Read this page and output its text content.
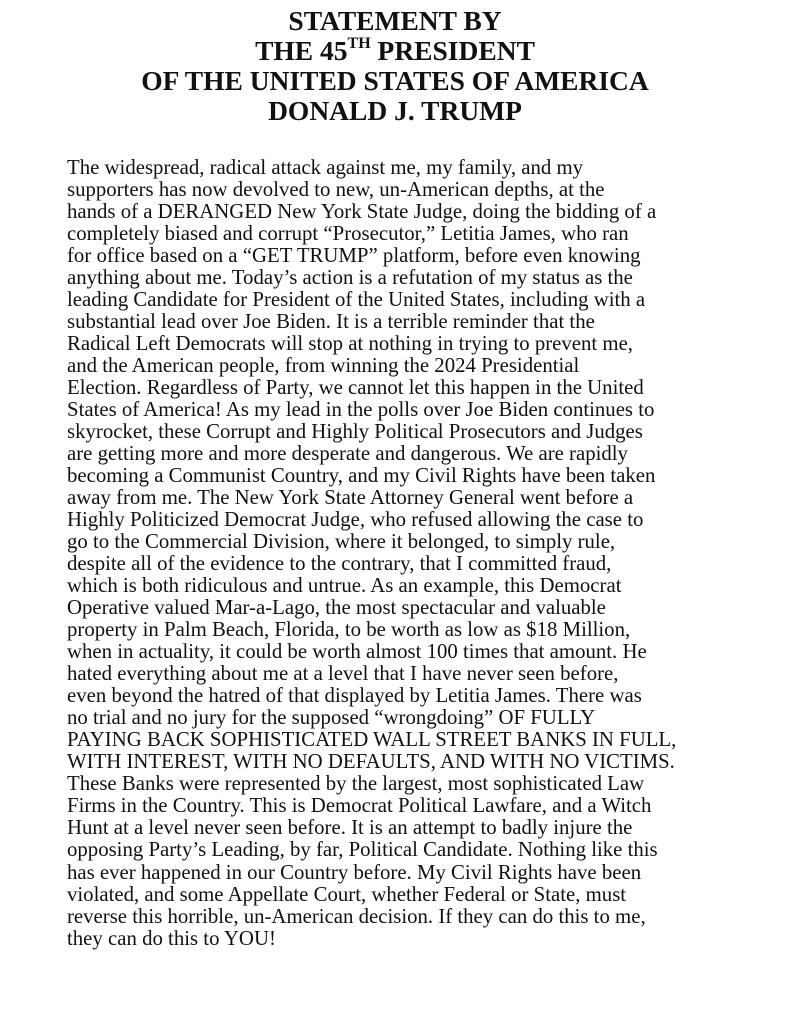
STATEMENT BY
THE 45TH PRESIDENT
OF THE UNITED STATES OF AMERICA
DONALD J. TRUMP
The widespread, radical attack against me, my family, and my
supporters has now devolved to new, un-American depths, at the
hands of a DERANGED New York State Judge, doing the bidding of a
completely biased and corrupt “Prosecutor,” Letitia James, who ran
for office based on a “GET TRUMP” platform, before even knowing
anything about me. Today’s action is a refutation of my status as the
leading Candidate for President of the United States, including with a
substantial lead over Joe Biden. It is a terrible reminder that the
Radical Left Democrats will stop at nothing in trying to prevent me,
and the American people, from winning the 2024 Presidential
Election. Regardless of Party, we cannot let this happen in the United
States of America! As my lead in the polls over Joe Biden continues to
skyrocket, these Corrupt and Highly Political Prosecutors and Judges
are getting more and more desperate and dangerous. We are rapidly
becoming a Communist Country, and my Civil Rights have been taken
away from me. The New York State Attorney General went before a
Highly Politicized Democrat Judge, who refused allowing the case to
go to the Commercial Division, where it belonged, to simply rule,
despite all of the evidence to the contrary, that I committed fraud,
which is both ridiculous and untrue. As an example, this Democrat
Operative valued Mar-a-Lago, the most spectacular and valuable
property in Palm Beach, Florida, to be worth as low as $18 Million,
when in actuality, it could be worth almost 100 times that amount. He
hated everything about me at a level that I have never seen before,
even beyond the hatred of that displayed by Letitia James. There was
no trial and no jury for the supposed “wrongdoing” OF FULLY
PAYING BACK SOPHISTICATED WALL STREET BANKS IN FULL,
WITH INTEREST, WITH NO DEFAULTS, AND WITH NO VICTIMS.
These Banks were represented by the largest, most sophisticated Law
Firms in the Country. This is Democrat Political Lawfare, and a Witch
Hunt at a level never seen before. It is an attempt to badly injure the
opposing Party’s Leading, by far, Political Candidate. Nothing like this
has ever happened in our Country before. My Civil Rights have been
violated, and some Appellate Court, whether Federal or State, must
reverse this horrible, un-American decision. If they can do this to me,
they can do this to YOU!
